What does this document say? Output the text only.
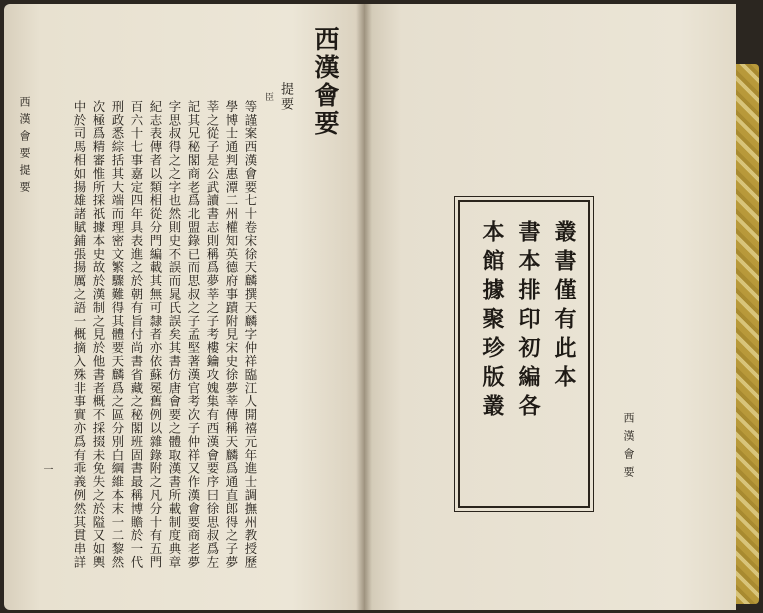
西漢會要
提要
臣
等謹案西漢會要七十卷宋徐天麟撰天麟字仲祥臨江人開禧元年進士調撫州教授歷
學博士通判惠潭二州權知英德府事蹟附見宋史徐夢莘傳稱天麟爲通直郎得之子夢
莘之從子是公武讀書志則稱爲夢莘之子考樓鑰攻媿集有西漢會要序曰徐思叔爲左
記其兄秘閣商老爲北盟錄已而思叔之子孟堅著漢官考次子仲祥又作漢會要商老夢
字思叔得之之字也然則史不誤而晁氏誤矣其書仿唐會要之體取漢書所載制度典章
紀志表傳者以類相從分門編載其無可隸者亦依蘇冕舊例以雜錄附之凡分十有五門
百六十七事嘉定四年具表進之於朝有旨付尚書省藏之秘閣班固書最稱博贍於一代
刑政悉綜括其大端而理密文繁驟難得其體要天麟爲之區分別白綱維本末一二黎然
次極爲精審惟所採祇據本史故於漢制之見於他書者概不採掇未免失之於隘又如輿
中於司馬相如揚雄諸賦鋪張揚厲之語一概摘入殊非事實亦爲有乖義例然其貫串詳
西漢會要提要
一
本館據聚珍版叢 書本排印初編各 叢書僅有此本
西漢會要
